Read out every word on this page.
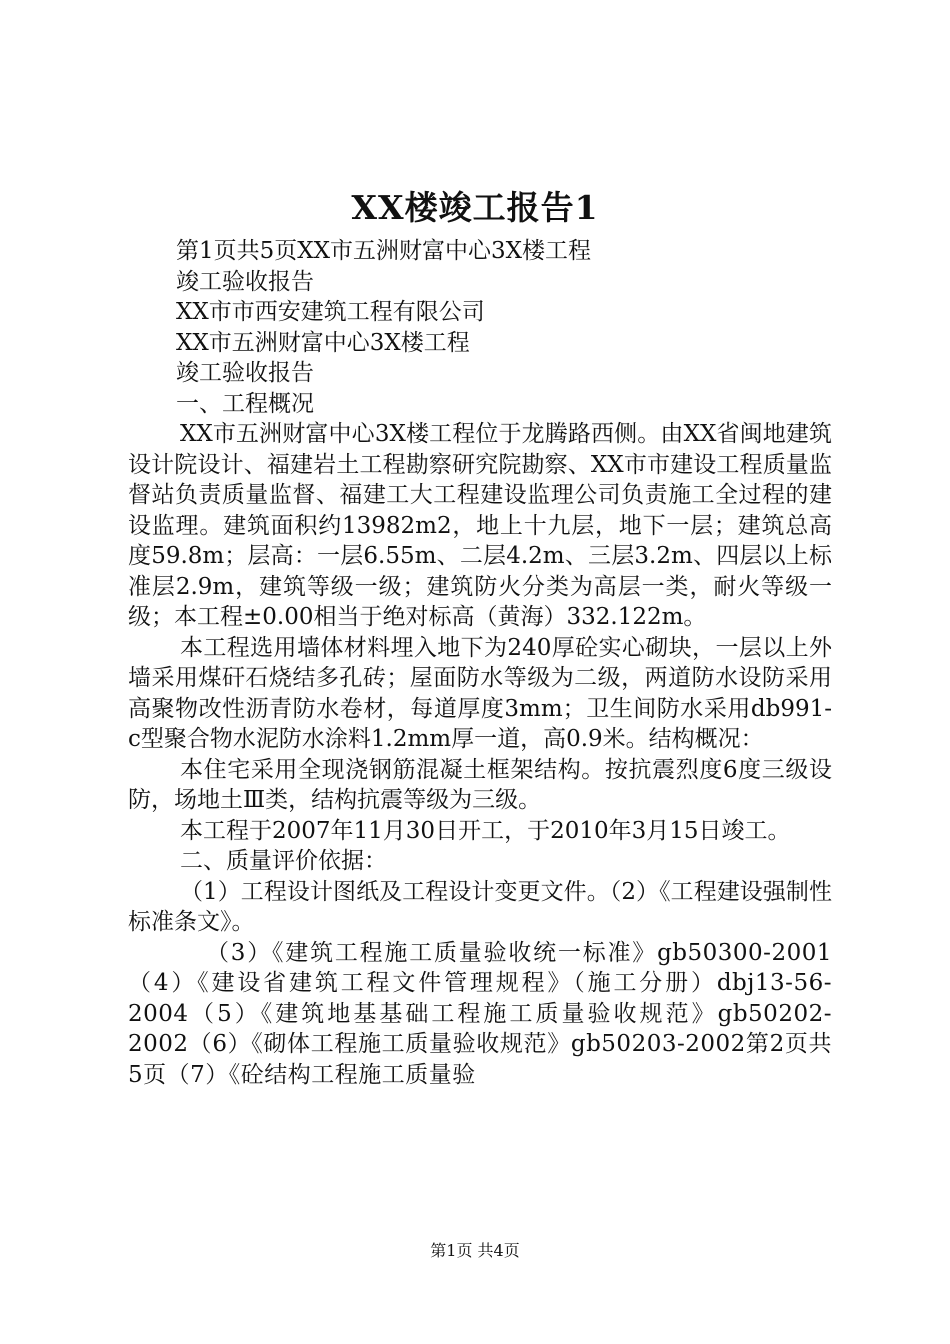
XX楼竣工报告1

第1页共5页XX市五洲财富中心3X楼工程

竣工验收报告

XX市市西安建筑工程有限公司

XX市五洲财富中心3X楼工程

竣工验收报告

一、工程概况

XX市五洲财富中心3X楼工程位于龙腾路西侧。由XX省闽地建筑设计院设计、福建岩土工程勘察研究院勘察、XX市市建设工程质量监督站负责质量监督、福建工大工程建设监理公司负责施工全过程的建设监理。建筑面积约13982m2，地上十九层，地下一层；建筑总高度59.8m；层高：一层6.55m、二层4.2m、三层3.2m、四层以上标准层2.9m，建筑等级一级；建筑防火分类为高层一类，耐火等级一级；本工程±0.00相当于绝对标高（黄海）332.122m。

本工程选用墙体材料埋入地下为240厚砼实心砌块，一层以上外墙采用煤矸石烧结多孔砖；屋面防水等级为二级，两道防水设防采用高聚物改性沥青防水卷材，每道厚度3mm；卫生间防水采用db991-c型聚合物水泥防水涂料1.2mm厚一道，高0.9米。结构概况：

本住宅采用全现浇钢筋混凝土框架结构。按抗震烈度6度三级设防，场地土Ⅲ类，结构抗震等级为三级。

本工程于2007年11月30日开工，于2010年3月15日竣工。

二、质量评价依据：

（1）工程设计图纸及工程设计变更文件。（2）《工程建设强制性标准条文》。

（3）《建筑工程施工质量验收统一标准》gb50300-2001（4）《建设省建筑工程文件管理规程》（施工分册）dbj13-56-2004（5）《建筑地基基础工程施工质量验收规范》gb50202-2002（6）《砌体工程施工质量验收规范》gb50203-2002第2页共5页（7）《砼结构工程施工质量验

第1页 共4页
